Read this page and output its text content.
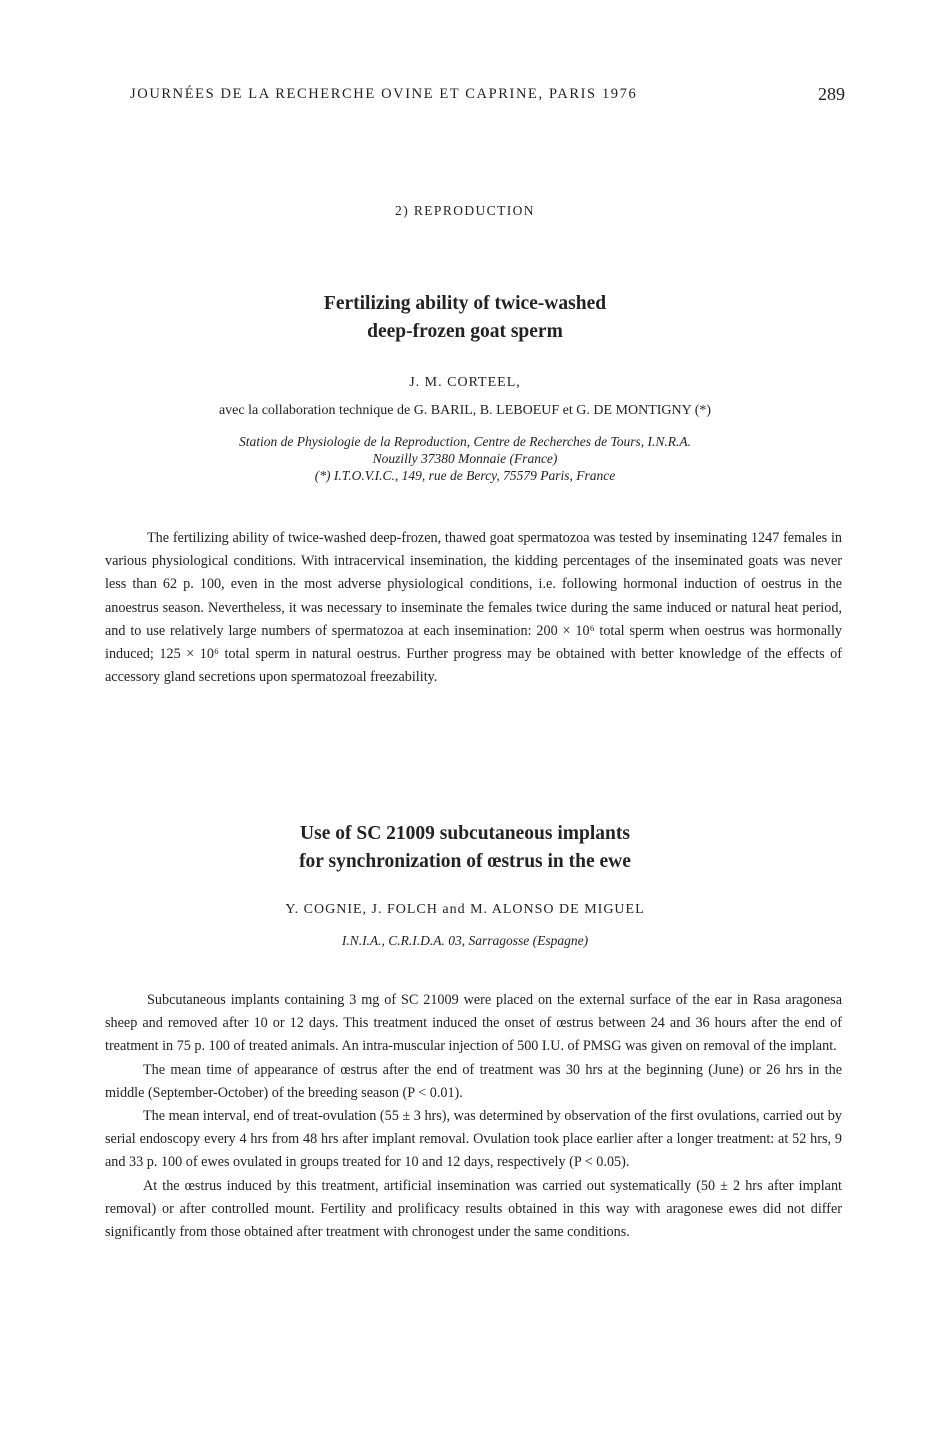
JOURNÉES DE LA RECHERCHE OVINE ET CAPRINE, PARIS 1976	289
2) REPRODUCTION
Fertilizing ability of twice-washed
deep-frozen goat sperm
J. M. CORTEEL,
avec la collaboration technique de G. BARIL, B. LEBOEUF et G. DE MONTIGNY (*)
Station de Physiologie de la Reproduction, Centre de Recherches de Tours, I.N.R.A.
Nouzilly 37380 Monnaie (France)
(*) I.T.O.V.I.C., 149, rue de Bercy, 75579 Paris, France

The fertilizing ability of twice-washed deep-frozen, thawed goat spermatozoa was tested by inseminating 1247 females in various physiological conditions. With intracervical insemination, the kidding percentages of the inseminated goats was never less than 62 p. 100, even in the most adverse physiological conditions, i.e. following hormonal induction of oestrus in the anoestrus season. Nevertheless, it was necessary to inseminate the females twice during the same induced or natural heat period, and to use relatively large numbers of spermatozoa at each insemination: 200 × 10⁶ total sperm when oestrus was hormonally induced; 125 × 10⁶ total sperm in natural oestrus. Further progress may be obtained with better knowledge of the effects of accessory gland secretions upon spermatozoal freezability.

Use of SC 21009 subcutaneous implants
for synchronization of œstrus in the ewe
Y. COGNIE, J. FOLCH and M. ALONSO DE MIGUEL
I.N.I.A., C.R.I.D.A. 03, Sarragosse (Espagne)

Subcutaneous implants containing 3 mg of SC 21009 were placed on the external surface of the ear in Rasa aragonesa sheep and removed after 10 or 12 days. This treatment induced the onset of œstrus between 24 and 36 hours after the end of treatment in 75 p. 100 of treated animals. An intra-muscular injection of 500 I.U. of PMSG was given on removal of the implant.

The mean time of appearance of œstrus after the end of treatment was 30 hrs at the beginning (June) or 26 hrs in the middle (September-October) of the breeding season (P < 0.01).

The mean interval, end of treat-ovulation (55 ± 3 hrs), was determined by observation of the first ovulations, carried out by serial endoscopy every 4 hrs from 48 hrs after implant removal. Ovulation took place earlier after a longer treatment: at 52 hrs, 9 and 33 p. 100 of ewes ovulated in groups treated for 10 and 12 days, respectively (P < 0.05).

At the œstrus induced by this treatment, artificial insemination was carried out systematically (50 ± 2 hrs after implant removal) or after controlled mount. Fertility and prolificacy results obtained in this way with aragonese ewes did not differ significantly from those obtained after treatment with chronogest under the same conditions.
